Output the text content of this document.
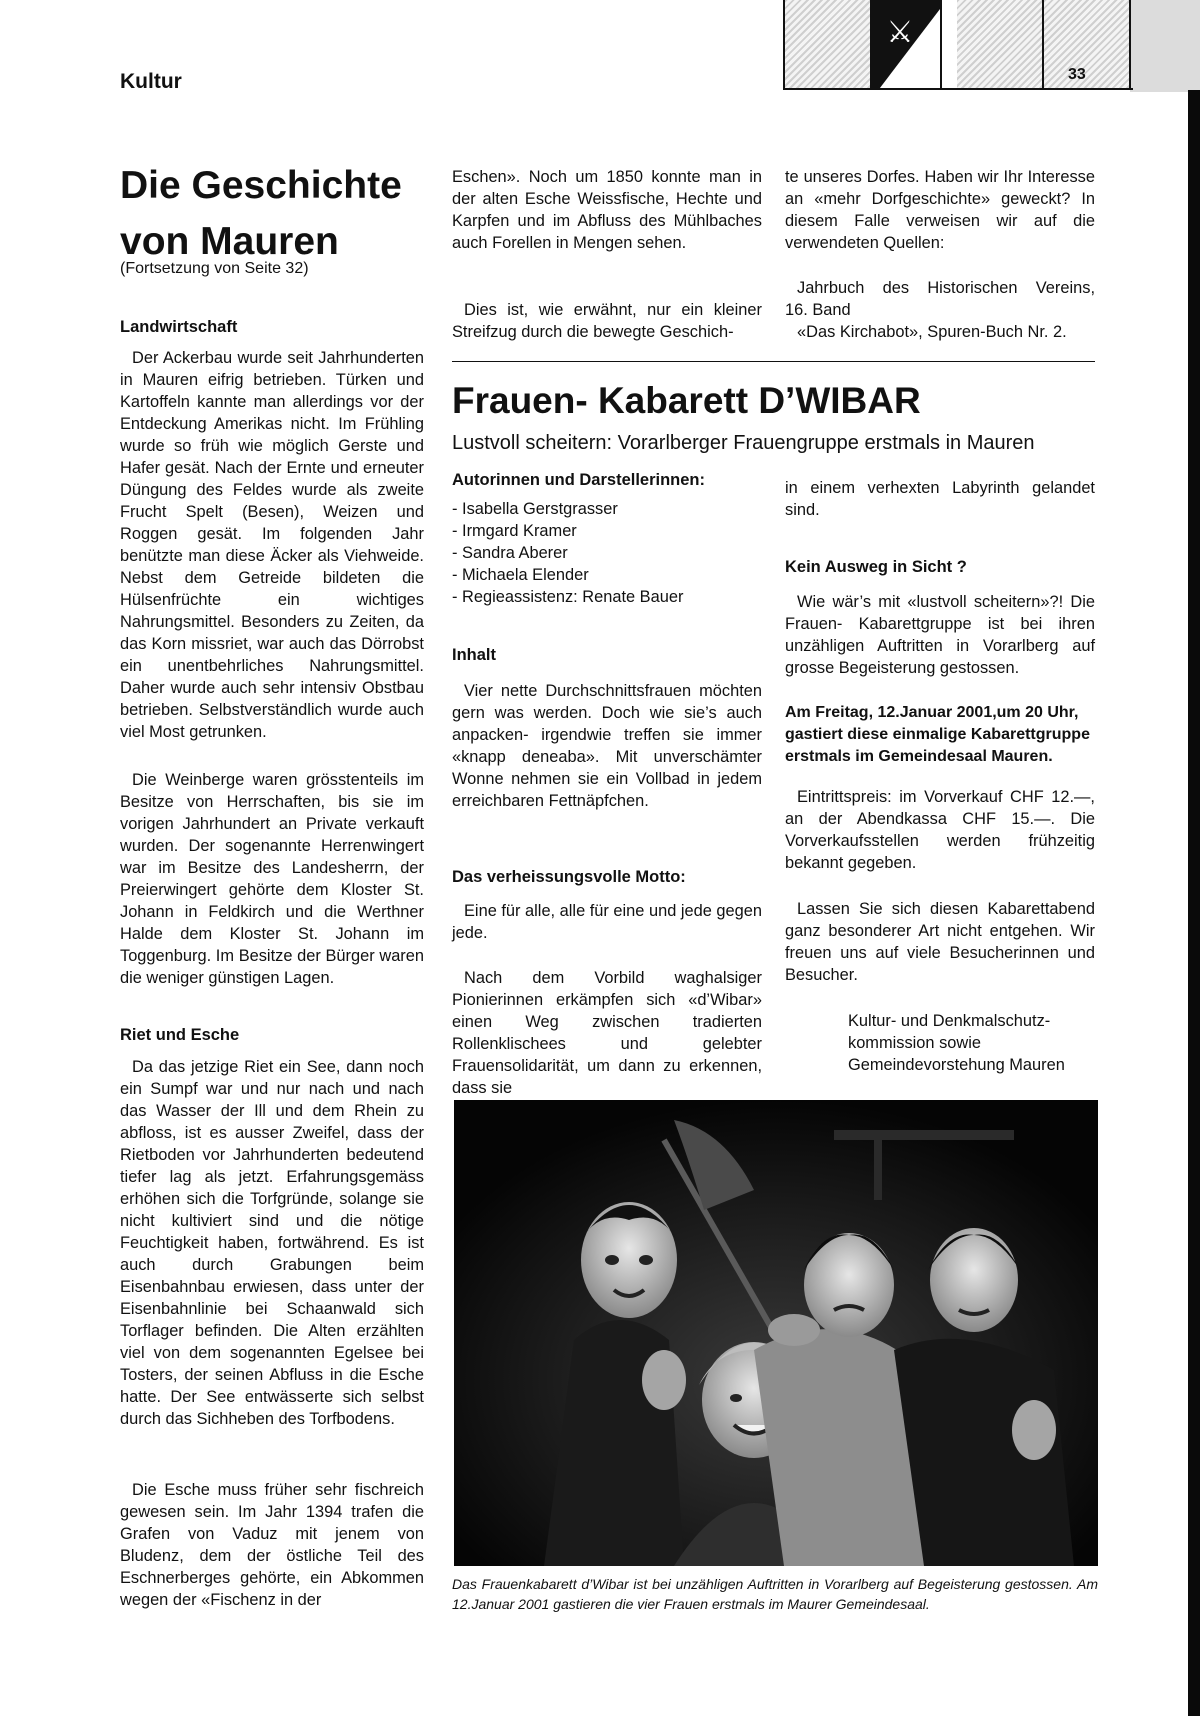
⚔
Kultur	33
Die Geschichte
von Mauren
(Fortsetzung von Seite 32)
Landwirtschaft

Der Ackerbau wurde seit Jahrhunderten in Mauren eifrig betrieben. Türken und Kartoffeln kannte man allerdings vor der Entdeckung Amerikas nicht. Im Frühling wurde so früh wie möglich Gerste und Hafer gesät. Nach der Ernte und erneuter Düngung des Feldes wurde als zweite Frucht Spelt (Besen), Weizen und Roggen gesät. Im folgenden Jahr benützte man diese Äcker als Viehweide. Nebst dem Getreide bildeten die Hülsenfrüchte ein wichtiges Nahrungsmittel. Besonders zu Zeiten, da das Korn missriet, war auch das Dörrobst ein unentbehrliches Nahrungsmittel. Daher wurde auch sehr intensiv Obstbau betrieben. Selbstverständlich wurde auch viel Most getrunken.

Die Weinberge waren grösstenteils im Besitze von Herrschaften, bis sie im vorigen Jahrhundert an Private verkauft wurden. Der sogenannte Herrenwingert war im Besitze des Landesherrn, der Preierwingert gehörte dem Kloster St. Johann in Feldkirch und die Werthner Halde dem Kloster St. Johann im Toggenburg. Im Besitze der Bürger waren die weniger günstigen Lagen.

Riet und Esche

Da das jetzige Riet ein See, dann noch ein Sumpf war und nur nach und nach das Wasser der Ill und dem Rhein zu abfloss, ist es ausser Zweifel, dass der Rietboden vor Jahrhunderten bedeutend tiefer lag als jetzt. Erfahrungsgemäss erhöhen sich die Torfgründe, solange sie nicht kultiviert sind und die nötige Feuchtigkeit haben, fortwährend. Es ist auch durch Grabungen beim Eisenbahnbau erwiesen, dass unter der Eisenbahnlinie bei Schaanwald sich Torflager befinden. Die Alten erzählten viel von dem sogenannten Egelsee bei Tosters, der seinen Abfluss in die Esche hatte. Der See entwässerte sich selbst durch das Sichheben des Torfbodens.

Die Esche muss früher sehr fischreich gewesen sein. Im Jahr 1394 trafen die Grafen von Vaduz mit jenem von Bludenz, dem der östliche Teil des Eschnerberges gehörte, ein Abkommen wegen der «Fischenz in der

Eschen». Noch um 1850 konnte man in der alten Esche Weissfische, Hechte und Karpfen und im Abfluss des Mühlbaches auch Forellen in Mengen sehen.

Dies ist, wie erwähnt, nur ein kleiner Streifzug durch die bewegte Geschich-

te unseres Dorfes. Haben wir Ihr Interesse an «mehr Dorfgeschichte» geweckt? In diesem Falle verweisen wir auf die verwendeten Quellen:

Jahrbuch des Historischen Vereins,
16. Band
«Das Kirchabot», Spuren-Buch Nr. 2.
Frauen- Kabarett D’WIBAR
Lustvoll scheitern: Vorarlberger Frauengruppe erstmals in Mauren
Autorinnen und Darstellerinnen:
- Isabella Gerstgrasser
- Irmgard Kramer
- Sandra Aberer
- Michaela Elender
- Regieassistenz: Renate Bauer
Inhalt

Vier nette Durchschnittsfrauen möchten gern was werden. Doch wie sie’s auch anpacken- irgendwie treffen sie immer «knapp deneaba». Mit unverschämter Wonne nehmen sie ein Vollbad in jedem erreichbaren Fettnäpfchen.

Das verheissungsvolle Motto:

Eine für alle, alle für eine und jede gegen jede.

Nach dem Vorbild waghalsiger Pionierinnen erkämpfen sich «d’Wibar» einen Weg zwischen tradierten Rollenklischees und gelebter Frauensolidarität, um dann zu erkennen, dass sie

in einem verhexten Labyrinth gelandet sind.

Kein Ausweg in Sicht ?

Wie wär’s mit «lustvoll scheitern»?! Die Frauen- Kabarettgruppe ist bei ihren unzähligen Auftritten in Vorarlberg auf grosse Begeisterung gestossen.

Am Freitag, 12.Januar 2001,um 20 Uhr, gastiert diese einmalige Kabarettgruppe erstmals im Gemeindesaal Mauren.

Eintrittspreis: im Vorverkauf CHF 12.—, an der Abendkassa CHF 15.—. Die Vorverkaufsstellen werden frühzeitig bekannt gegeben.

Lassen Sie sich diesen Kabarettabend ganz besonderer Art nicht entgehen. Wir freuen uns auf viele Besucherinnen und Besucher.

Kultur- und Denkmalschutz-
kommission sowie
Gemeindevorstehung Mauren

Das Frauenkabarett d’Wibar ist bei unzähligen Auftritten in Vorarlberg auf Begeisterung gestossen. Am 12.Januar 2001 gastieren die vier Frauen erstmals im Maurer Gemeindesaal.
